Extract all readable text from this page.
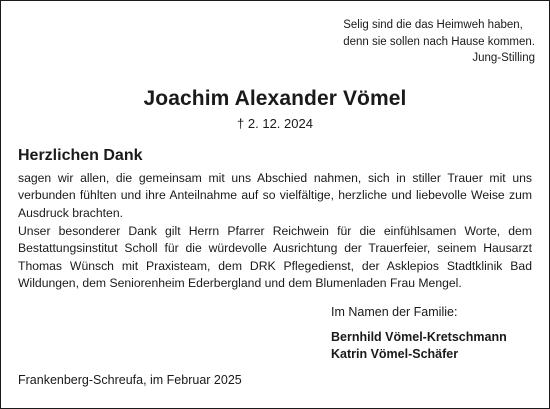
Selig sind die das Heimweh haben,
denn sie sollen nach Hause kommen.
Jung-Stilling
Joachim Alexander Vömel
† 2. 12. 2024
Herzlichen Dank
sagen wir allen, die gemeinsam mit uns Abschied nahmen, sich in stiller Trauer mit uns verbunden fühlten und ihre Anteilnahme auf so vielfältige, herzliche und liebevolle Weise zum Ausdruck brachten.
Unser besonderer Dank gilt Herrn Pfarrer Reichwein für die einfühlsamen Worte, dem Bestattungsinstitut Scholl für die würdevolle Ausrichtung der Trauerfeier, seinem Hausarzt Thomas Wünsch mit Praxisteam, dem DRK Pflegedienst, der Asklepios Stadtklinik Bad Wildungen, dem Seniorenheim Ederbergland und dem Blumenladen Frau Mengel.
Im Namen der Familie:
Bernhild Vömel-Kretschmann
Katrin Vömel-Schäfer
Frankenberg-Schreufa, im Februar 2025
